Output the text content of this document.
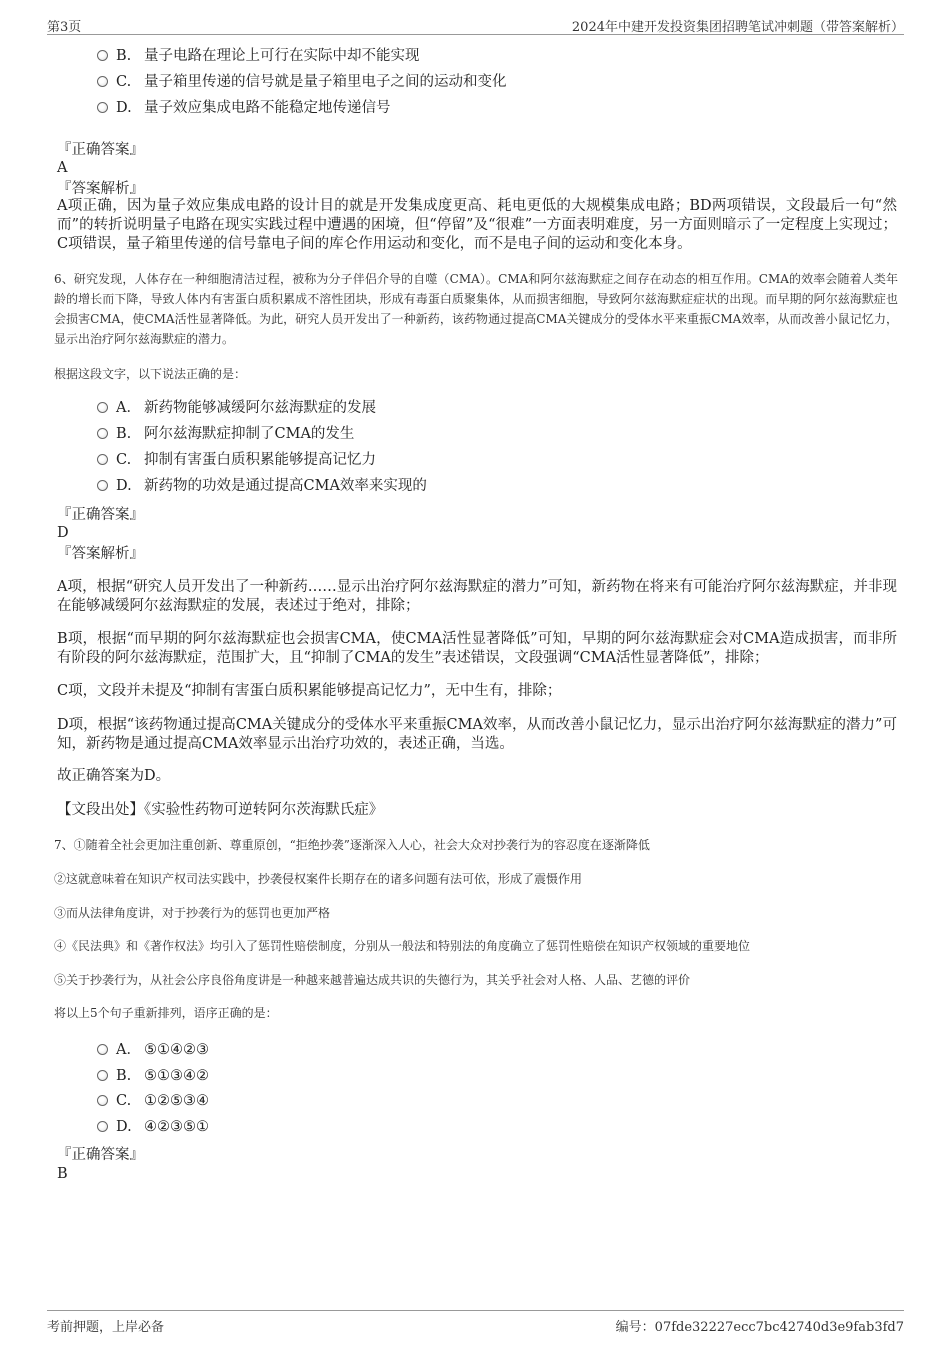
第3页	2024年中建开发投资集团招聘笔试冲刺题（带答案解析）
B. 量子电路在理论上可行在实际中却不能实现
C. 量子箱里传递的信号就是量子箱里电子之间的运动和变化
D. 量子效应集成电路不能稳定地传递信号
『正确答案』
A
『答案解析』
A项正确，因为量子效应集成电路的设计目的就是开发集成度更高、耗电更低的大规模集成电路；BD两项错误，文段最后一句“然而”的转折说明量子电路在现实实践过程中遭遇的困境，但“停留”及“很难”一方面表明难度，另一方面则暗示了一定程度上实现过；C项错误，量子箱里传递的信号靠电子间的库仑作用运动和变化，而不是电子间的运动和变化本身。
6、研究发现，人体存在一种细胞清洁过程，被称为分子伴侣介导的自噬（CMA）。CMA和阿尔兹海默症之间存在动态的相互作用。CMA的效率会随着人类年龄的增长而下降，导致人体内有害蛋白质积累成不溶性团块，形成有毒蛋白质聚集体，从而损害细胞，导致阿尔兹海默症症状的出现。而早期的阿尔兹海默症也会损害CMA，使CMA活性显著降低。为此，研究人员开发出了一种新药，该药物通过提高CMA关键成分的受体水平来重振CMA效率，从而改善小鼠记忆力，显示出治疗阿尔兹海默症的潜力。
根据这段文字，以下说法正确的是：
A． 新药物能够减缓阿尔兹海默症的发展
B. 阿尔兹海默症抑制了CMA的发生
C. 抑制有害蛋白质积累能够提高记忆力
D. 新药物的功效是通过提高CMA效率来实现的
『正确答案』
D
『答案解析』
A项，根据“研究人员开发出了一种新药……显示出治疗阿尔兹海默症的潜力”可知，新药物在将来有可能治疗阿尔兹海默症，并非现在能够减缓阿尔兹海默症的发展，表述过于绝对，排除；
B项，根据“而早期的阿尔兹海默症也会损害CMA，使CMA活性显著降低”可知，早期的阿尔兹海默症会对CMA造成损害，而非所有阶段的阿尔兹海默症，范围扩大，且“抑制了CMA的发生”表述错误，文段强调“CMA活性显著降低”，排除；
C项，文段并未提及“抑制有害蛋白质积累能够提高记忆力”，无中生有，排除；
D项，根据“该药物通过提高CMA关键成分的受体水平来重振CMA效率，从而改善小鼠记忆力，显示出治疗阿尔兹海默症的潜力”可知，新药物是通过提高CMA效率显示出治疗功效的，表述正确，当选。
故正确答案为D。
【文段出处】《实验性药物可逆转阿尔茨海默氏症》
7、①随着全社会更加注重创新、尊重原创，“拒绝抄袭”逐渐深入人心，社会大众对抄袭行为的容忍度在逐渐降低
②这就意味着在知识产权司法实践中，抄袭侵权案件长期存在的诸多问题有法可依，形成了震慑作用
③而从法律角度讲，对于抄袭行为的惩罚也更加严格
④《民法典》和《著作权法》均引入了惩罚性赔偿制度，分别从一般法和特别法的角度确立了惩罚性赔偿在知识产权领域的重要地位
⑤关于抄袭行为，从社会公序良俗角度讲是一种越来越普遍达成共识的失德行为，其关乎社会对人格、人品、艺德的评价
将以上5个句子重新排列，语序正确的是：
A． ⑤①④②③
B. ⑤①③④②
C. ①②⑤③④
D. ④②③⑤①
『正确答案』
B
考前押题，上岸必备	编号：07fde32227ecc7bc42740d3e9fab3fd7
